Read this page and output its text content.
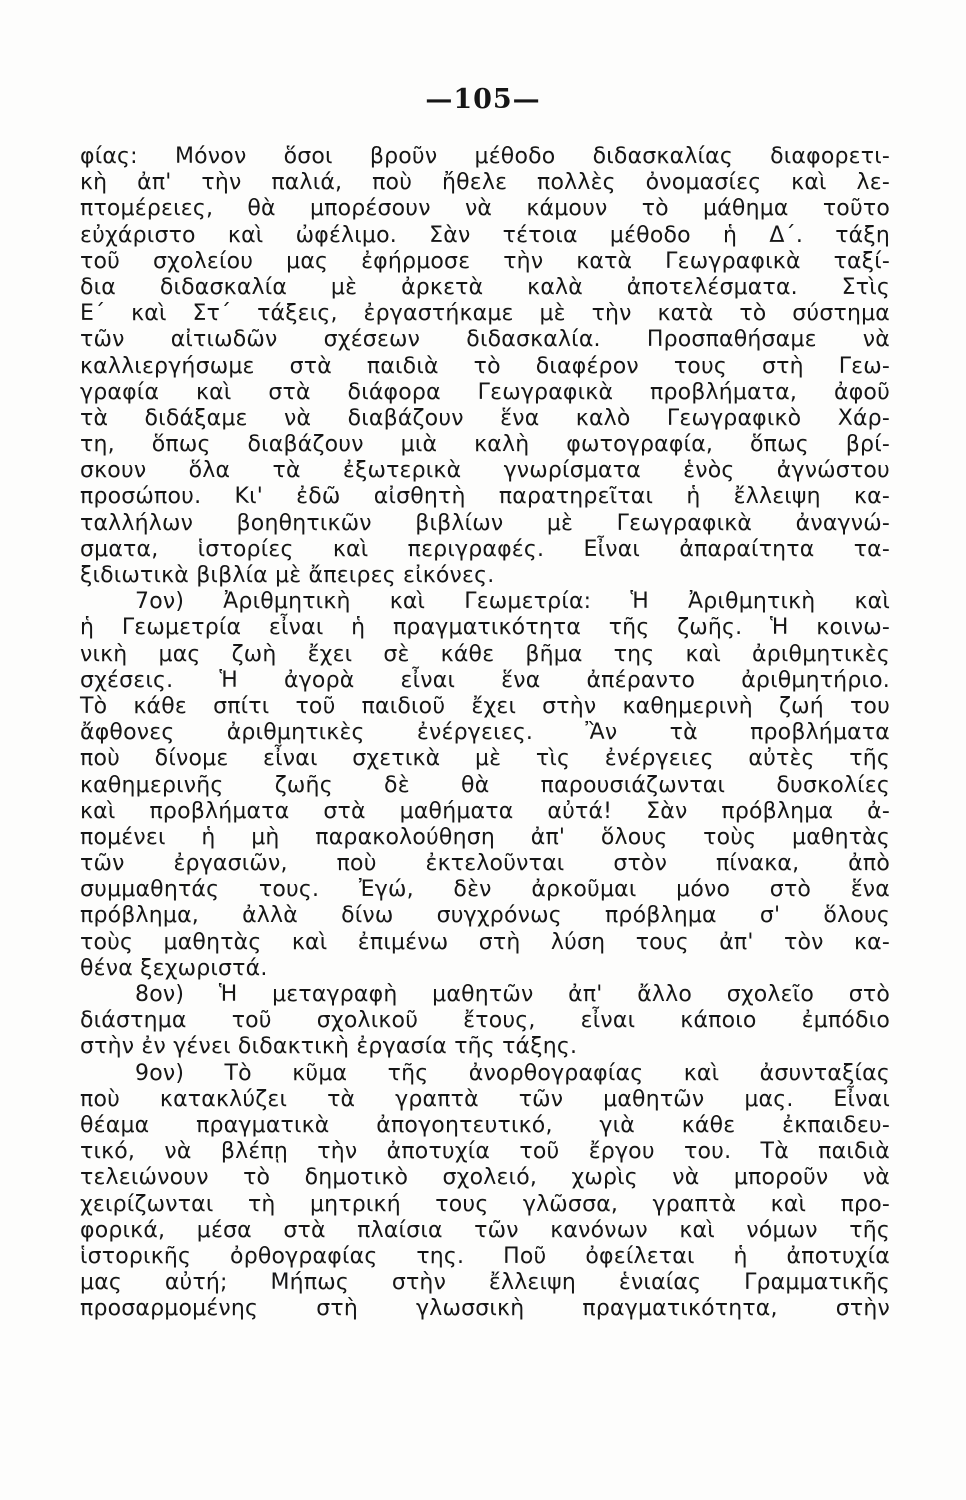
—105—
φίας: Μόνον ὅσοι βροῦν μέθοδο διδασκαλίας διαφορετι-
κὴ ἀπ' τὴν παλιά, ποὺ ἤθελε πολλὲς ὀνομασίες καὶ λε-
πτομέρειες, θὰ μπορέσουν νὰ κάμουν τὸ μάθημα τοῦτο
εὐχάριστο καὶ ὠφέλιμο. Σὰν τέτοια μέθοδο ἡ Δ΄. τάξη
τοῦ σχολείου μας ἐφήρμοσε τὴν κατὰ Γεωγραφικὰ ταξί-
δια διδασκαλία μὲ ἀρκετὰ καλὰ ἀποτελέσματα. Στὶς
Ε΄ καὶ Στ΄ τάξεις, ἐργαστήκαμε μὲ τὴν κατὰ τὸ σύστημα
τῶν αἰτιωδῶν σχέσεων διδασκαλία. Προσπαθήσαμε νὰ
καλλιεργήσωμε στὰ παιδιὰ τὸ διαφέρον τους στὴ Γεω-
γραφία καὶ στὰ διάφορα Γεωγραφικὰ προβλήματα, ἀφοῦ
τὰ διδάξαμε νὰ διαβάζουν ἕνα καλὸ Γεωγραφικὸ Χάρ-
τη, ὅπως διαβάζουν μιὰ καλὴ φωτογραφία, ὅπως βρί-
σκουν ὅλα τὰ ἐξωτερικὰ γνωρίσματα ἑνὸς ἀγνώστου
προσώπου. Κι' ἐδῶ αἰσθητὴ παρατηρεῖται ἡ ἔλλειψη κα-
ταλλήλων βοηθητικῶν βιβλίων μὲ Γεωγραφικὰ ἀναγνώ-
σματα, ἱστορίες καὶ περιγραφές. Εἶναι ἀπαραίτητα τα-
ξιδιωτικὰ βιβλία μὲ ἄπειρες εἰκόνες.
7ον) Ἀριθμητικὴ καὶ Γεωμετρία: Ἡ Ἀριθμητικὴ καὶ
ἡ Γεωμετρία εἶναι ἡ πραγματικότητα τῆς ζωῆς. Ἡ κοινω-
νικὴ μας ζωὴ ἔχει σὲ κάθε βῆμα της καὶ ἀριθμητικὲς
σχέσεις. Ἡ ἀγορὰ εἶναι ἕνα ἀπέραντο ἀριθμητήριο.
Τὸ κάθε σπίτι τοῦ παιδιοῦ ἔχει στὴν καθημερινὴ ζωή του
ἄφθονες ἀριθμητικὲς ἐνέργειες. Ἂν τὰ προβλήματα
ποὺ δίνομε εἶναι σχετικὰ μὲ τὶς ἐνέργειες αὐτὲς τῆς
καθημερινῆς ζωῆς δὲ θὰ παρουσιάζωνται δυσκολίες
καὶ προβλήματα στὰ μαθήματα αὐτά! Σὰν πρόβλημα ἀ-
πομένει ἡ μὴ παρακολούθηση ἀπ' ὅλους τοὺς μαθητὰς
τῶν ἐργασιῶν, ποὺ ἐκτελοῦνται στὸν πίνακα, ἀπὸ
συμμαθητάς τους. Ἐγώ, δὲν ἀρκοῦμαι μόνο στὸ ἕνα
πρόβλημα, ἀλλὰ δίνω συγχρόνως πρόβλημα σ' ὅλους
τοὺς μαθητὰς καὶ ἐπιμένω στὴ λύση τους ἀπ' τὸν κα-
θένα ξεχωριστά.
8ον) Ἡ μεταγραφὴ μαθητῶν ἀπ' ἄλλο σχολεῖο στὸ
διάστημα τοῦ σχολικοῦ ἔτους, εἶναι κάποιο ἐμπόδιο
στὴν ἐν γένει διδακτικὴ ἐργασία τῆς τάξης.
9ον) Τὸ κῦμα τῆς ἀνορθογραφίας καὶ ἀσυνταξίας
ποὺ κατακλύζει τὰ γραπτὰ τῶν μαθητῶν μας. Εἶναι
θέαμα πραγματικὰ ἀπογοητευτικό, γιὰ κάθε ἐκπαιδευ-
τικό, νὰ βλέπῃ τὴν ἀποτυχία τοῦ ἔργου του. Τὰ παιδιὰ
τελειώνουν τὸ δημοτικὸ σχολειό, χωρὶς νὰ μποροῦν νὰ
χειρίζωνται τὴ μητρική τους γλῶσσα, γραπτὰ καὶ προ-
φορικά, μέσα στὰ πλαίσια τῶν κανόνων καὶ νόμων τῆς
ἱστορικῆς ὀρθογραφίας της. Ποῦ ὀφείλεται ἡ ἀποτυχία
μας αὐτή; Μήπως στὴν ἔλλειψη ἑνιαίας Γραμματικῆς
προσαρμομένης στὴ γλωσσικὴ πραγματικότητα, στὴν
